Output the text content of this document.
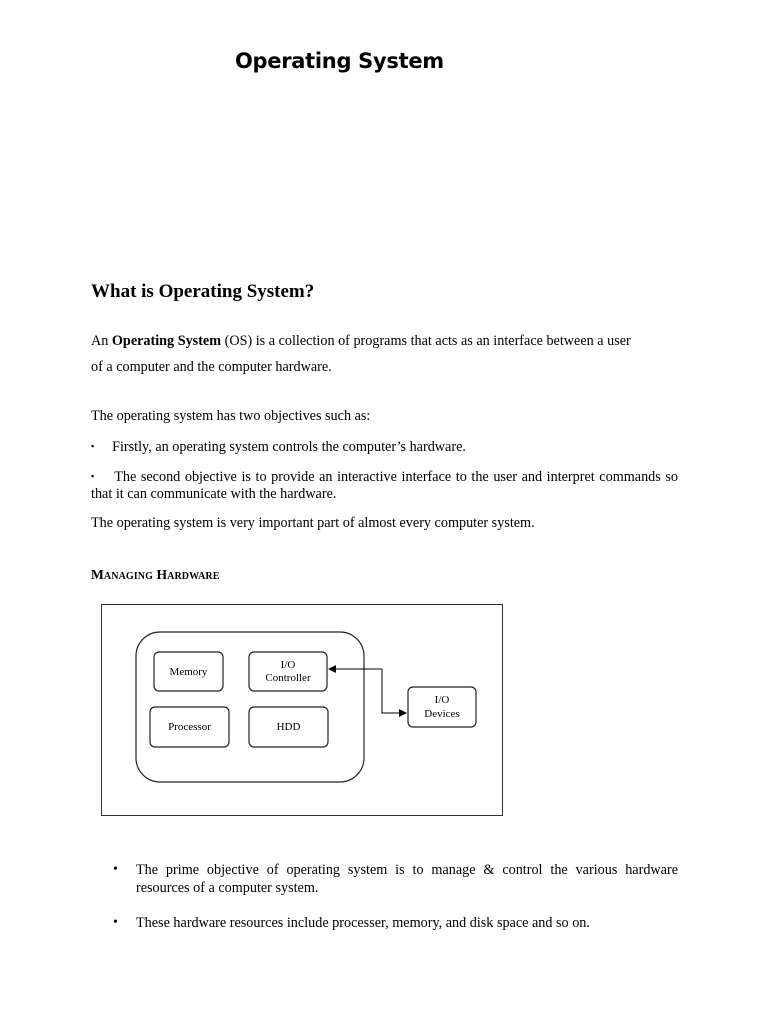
Operating System
What is Operating System?
An Operating System (OS) is a collection of programs that acts as an interface between a user
of a computer and the computer hardware.
The operating system has two objectives such as:
▪ Firstly, an operating system controls the computer’s hardware.
▪ The second objective is to provide an interactive interface to the user and interpret commands so that it can communicate with the hardware.
The operating system is very important part of almost every computer system.
Managing Hardware
Memory
I/O
Controller
Processor	HDD
I/O
Devices
• The prime objective of operating system is to manage & control the various hardware resources of a computer system.
• These hardware resources include processer, memory, and disk space and so on.
